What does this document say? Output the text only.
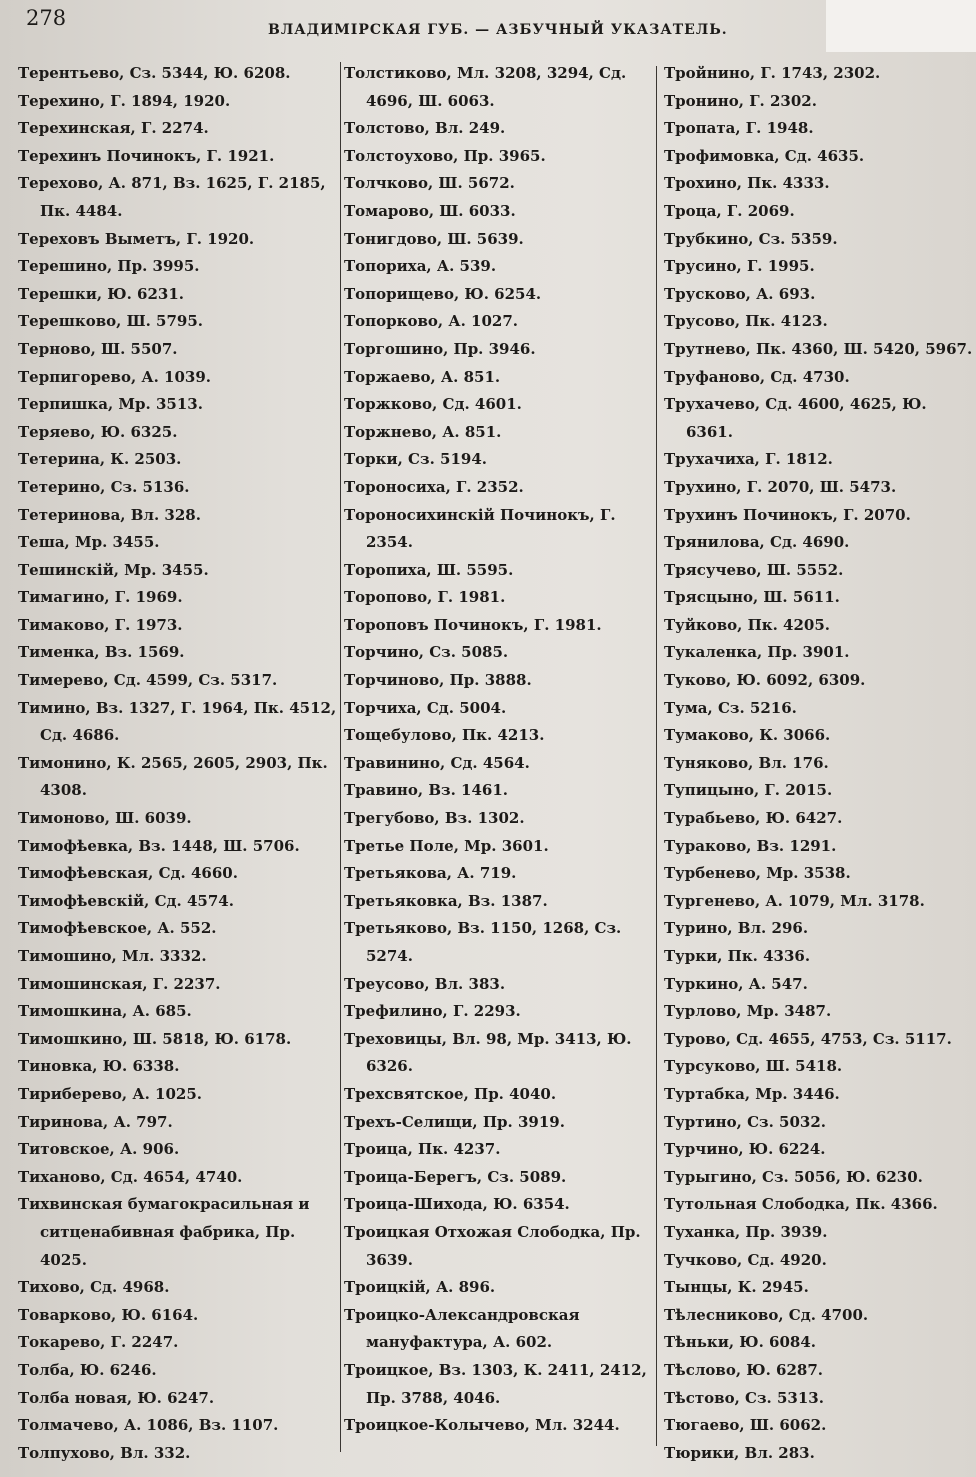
278	ВЛАДИМІРСКАЯ ГУБ. — АЗБУЧНЫЙ УКАЗАТЕЛЬ.
Терентьево, Сз. 5344, Ю. 6208.
Терехино, Г. 1894, 1920.
Терехинская, Г. 2274.
Терехинъ Починокъ, Г. 1921.
Терехово, А. 871, Вз. 1625, Г. 2185, Пк. 4484.
Тереховъ Выметъ, Г. 1920.
Терешино, Пр. 3995.
Терешки, Ю. 6231.
Терешково, Ш. 5795.
Терново, Ш. 5507.
Терпигорево, А. 1039.
Терпишка, Мр. 3513.
Теряево, Ю. 6325.
Тетерина, К. 2503.
Тетерино, Сз. 5136.
Тетеринова, Вл. 328.
Теша, Мр. 3455.
Тешинскій, Мр. 3455.
Тимагино, Г. 1969.
Тимаково, Г. 1973.
Тименка, Вз. 1569.
Тимерево, Сд. 4599, Сз. 5317.
Тимино, Вз. 1327, Г. 1964, Пк. 4512, Сд. 4686.
Тимонино, К. 2565, 2605, 2903, Пк. 4308.
Тимоново, Ш. 6039.
Тимофѣевка, Вз. 1448, Ш. 5706.
Тимофѣевская, Сд. 4660.
Тимофѣевскій, Сд. 4574.
Тимофѣевское, А. 552.
Тимошино, Мл. 3332.
Тимошинская, Г. 2237.
Тимошкина, А. 685.
Тимошкино, Ш. 5818, Ю. 6178.
Тиновка, Ю. 6338.
Тириберево, А. 1025.
Тиринова, А. 797.
Титовское, А. 906.
Тиханово, Сд. 4654, 4740.
Тихвинская бумагокрасильная и ситценабивная фабрика, Пр. 4025.
Тихово, Сд. 4968.
Товарково, Ю. 6164.
Токарево, Г. 2247.
Толба, Ю. 6246.
Толба новая, Ю. 6247.
Толмачево, А. 1086, Вз. 1107.
Толпухово, Вл. 332.
Толстиково, Мл. 3208, 3294, Сд. 4696, Ш. 6063.
Толстово, Вл. 249.
Толстоухово, Пр. 3965.
Толчково, Ш. 5672.
Томарово, Ш. 6033.
Тонигдово, Ш. 5639.
Топориха, А. 539.
Топорищево, Ю. 6254.
Топорково, А. 1027.
Торгошино, Пр. 3946.
Торжаево, А. 851.
Торжково, Сд. 4601.
Торжнево, А. 851.
Торки, Сз. 5194.
Тороносиха, Г. 2352.
Тороносихинскій Починокъ, Г. 2354.
Торопиха, Ш. 5595.
Торопово, Г. 1981.
Тороповъ Починокъ, Г. 1981.
Торчино, Сз. 5085.
Торчиново, Пр. 3888.
Торчиха, Сд. 5004.
Тощебулово, Пк. 4213.
Травинино, Сд. 4564.
Травино, Вз. 1461.
Трегубово, Вз. 1302.
Третье Поле, Мр. 3601.
Третьякова, А. 719.
Третьяковка, Вз. 1387.
Третьяково, Вз. 1150, 1268, Сз. 5274.
Треусово, Вл. 383.
Трефилино, Г. 2293.
Треховицы, Вл. 98, Мр. 3413, Ю. 6326.
Трехсвятское, Пр. 4040.
Трехъ-Селищи, Пр. 3919.
Троица, Пк. 4237.
Троица-Берегъ, Сз. 5089.
Троица-Шихода, Ю. 6354.
Троицкая Отхожая Слободка, Пр. 3639.
Троицкій, А. 896.
Троицко-Александровская мануфактура, А. 602.
Троицкое, Вз. 1303, К. 2411, 2412, Пр. 3788, 4046.
Троицкое-Колычево, Мл. 3244.
Тройнино, Г. 1743, 2302.
Тронино, Г. 2302.
Тропата, Г. 1948.
Трофимовка, Сд. 4635.
Трохино, Пк. 4333.
Троца, Г. 2069.
Трубкино, Сз. 5359.
Трусино, Г. 1995.
Трусково, А. 693.
Трусово, Пк. 4123.
Трутнево, Пк. 4360, Ш. 5420, 5967.
Труфаново, Сд. 4730.
Трухачево, Сд. 4600, 4625, Ю. 6361.
Трухачиха, Г. 1812.
Трухино, Г. 2070, Ш. 5473.
Трухинъ Починокъ, Г. 2070.
Трянилова, Сд. 4690.
Трясучево, Ш. 5552.
Трясцыно, Ш. 5611.
Туйково, Пк. 4205.
Тукаленка, Пр. 3901.
Туково, Ю. 6092, 6309.
Тума, Сз. 5216.
Тумаково, К. 3066.
Туняково, Вл. 176.
Тупицыно, Г. 2015.
Турабьево, Ю. 6427.
Тураково, Вз. 1291.
Турбенево, Мр. 3538.
Тургенево, А. 1079, Мл. 3178.
Турино, Вл. 296.
Турки, Пк. 4336.
Туркино, А. 547.
Турлово, Мр. 3487.
Турово, Сд. 4655, 4753, Сз. 5117.
Турсуково, Ш. 5418.
Туртабка, Мр. 3446.
Туртино, Сз. 5032.
Турчино, Ю. 6224.
Турыгино, Сз. 5056, Ю. 6230.
Тутольная Слободка, Пк. 4366.
Туханка, Пр. 3939.
Тучково, Сд. 4920.
Тынцы, К. 2945.
Тѣлесниково, Сд. 4700.
Тѣньки, Ю. 6084.
Тѣслово, Ю. 6287.
Тѣстово, Сз. 5313.
Тюгаево, Ш. 6062.
Тюрики, Вл. 283.
